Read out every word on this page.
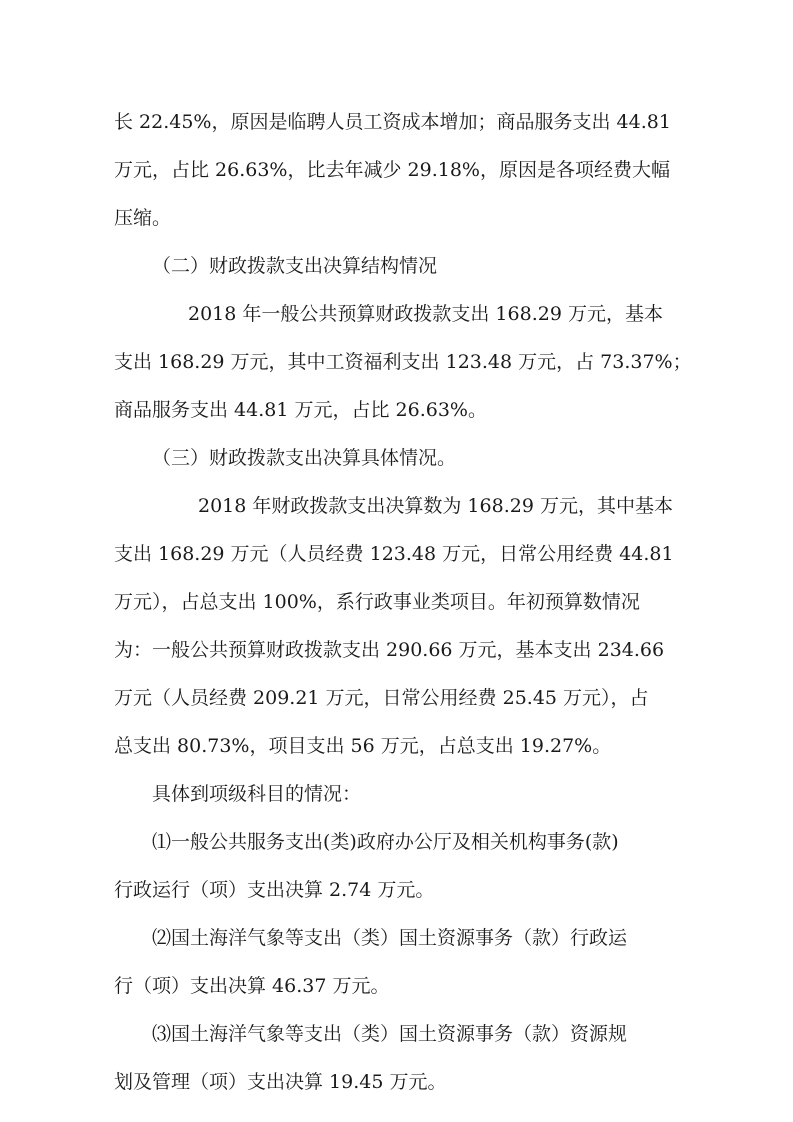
长 22.45%，原因是临聘人员工资成本增加；商品服务支出 44.81
万元，占比 26.63%，比去年减少 29.18%，原因是各项经费大幅
压缩。
（二）财政拨款支出决算结构情况
2018 年一般公共预算财政拨款支出 168.29 万元，基本
支出 168.29 万元，其中工资福利支出 123.48 万元，占 73.37%；
商品服务支出 44.81 万元，占比 26.63%。
（三）财政拨款支出决算具体情况。
2018 年财政拨款支出决算数为 168.29 万元，其中基本
支出 168.29 万元（人员经费 123.48 万元，日常公用经费 44.81
万元），占总支出 100%，系行政事业类项目。年初预算数情况
为：一般公共预算财政拨款支出 290.66 万元，基本支出 234.66
万元（人员经费 209.21 万元，日常公用经费 25.45 万元），占
总支出 80.73%，项目支出 56 万元，占总支出 19.27%。
具体到项级科目的情况：
⑴一般公共服务支出(类)政府办公厅及相关机构事务(款)
行政运行（项）支出决算 2.74 万元。
⑵国土海洋气象等支出（类）国土资源事务（款）行政运
行（项）支出决算 46.37 万元。
⑶国土海洋气象等支出（类）国土资源事务（款）资源规
划及管理（项）支出决算 19.45 万元。
